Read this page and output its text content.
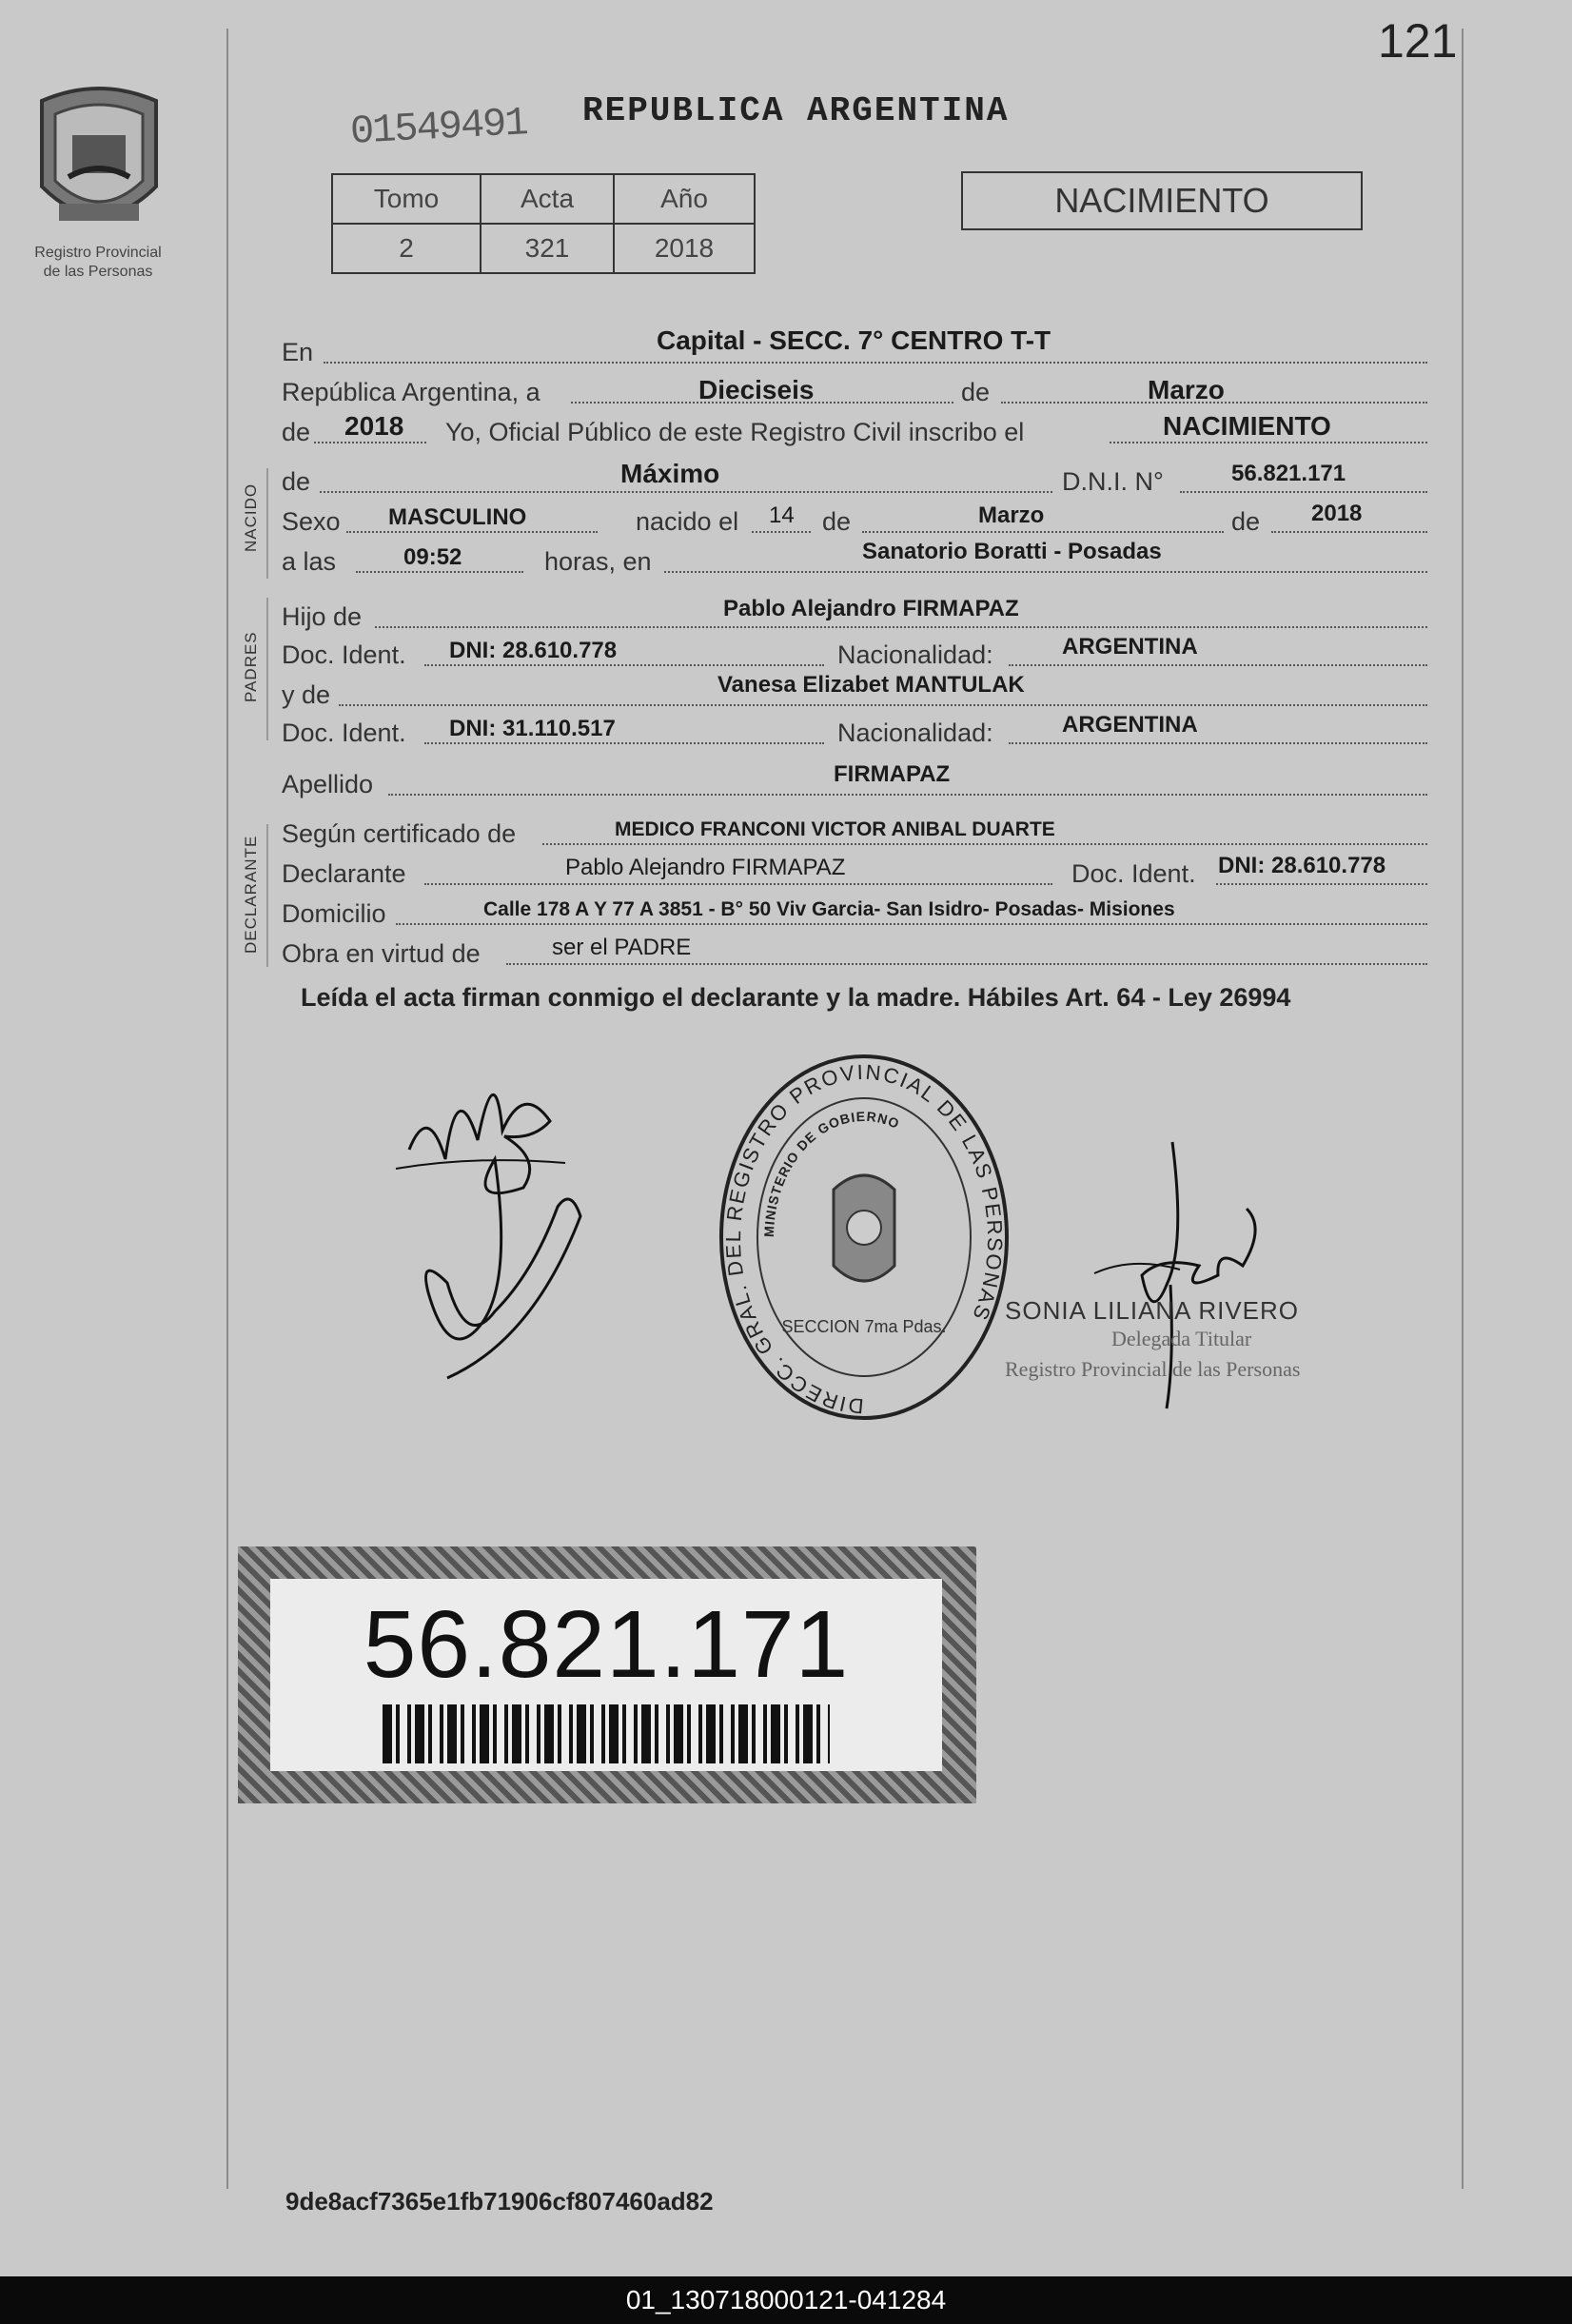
121
Registro Provincial
de las Personas
01549491 REPUBLICA ARGENTINA
Tomo	Acta	Año
2	321	2018
NACIMIENTO
En	Capital - SECC. 7° CENTRO T-T
República Argentina, a	Dieciseis	de	Marzo
de 2018 Yo, Oficial Público de este Registro Civil inscribo el	NACIMIENTO
NACIDO
de	Máximo	D.N.I. N°	56.821.171
Sexo MASCULINO	nacido el 14 de	Marzo	de 2018
a las	09:52	horas, en	Sanatorio Boratti - Posadas
PADRES
Hijo de	Pablo Alejandro FIRMAPAZ
Doc. Ident. DNI: 28.610.778	Nacionalidad:	ARGENTINA
y de	Vanesa Elizabet MANTULAK
Doc. Ident. DNI: 31.110.517	Nacionalidad:	ARGENTINA
Apellido	FIRMAPAZ
DECLARANTE
Según certificado de	MEDICO FRANCONI VICTOR ANIBAL DUARTE
Declarante	Pablo Alejandro FIRMAPAZ	Doc. Ident. DNI: 28.610.778
Domicilio	Calle 178 A Y 77 A 3851 - B° 50 Viv Garcia- San Isidro- Posadas- Misiones
Obra en virtud de	ser el PADRE
Leída el acta firman conmigo el declarante y la madre. Hábiles Art. 64 - Ley 26994
DIRECC. GRAL. DEL REGISTRO PROVINCIAL DE LAS PERSONAS
MINISTERIO DE GOBIERNO
SECCION 7ma Pdas.
SONIA LILIANA RIVERO
Delegada Titular
Registro Provincial de las Personas
56.821.171
9de8acf7365e1fb71906cf807460ad82
01_130718000121-041284
